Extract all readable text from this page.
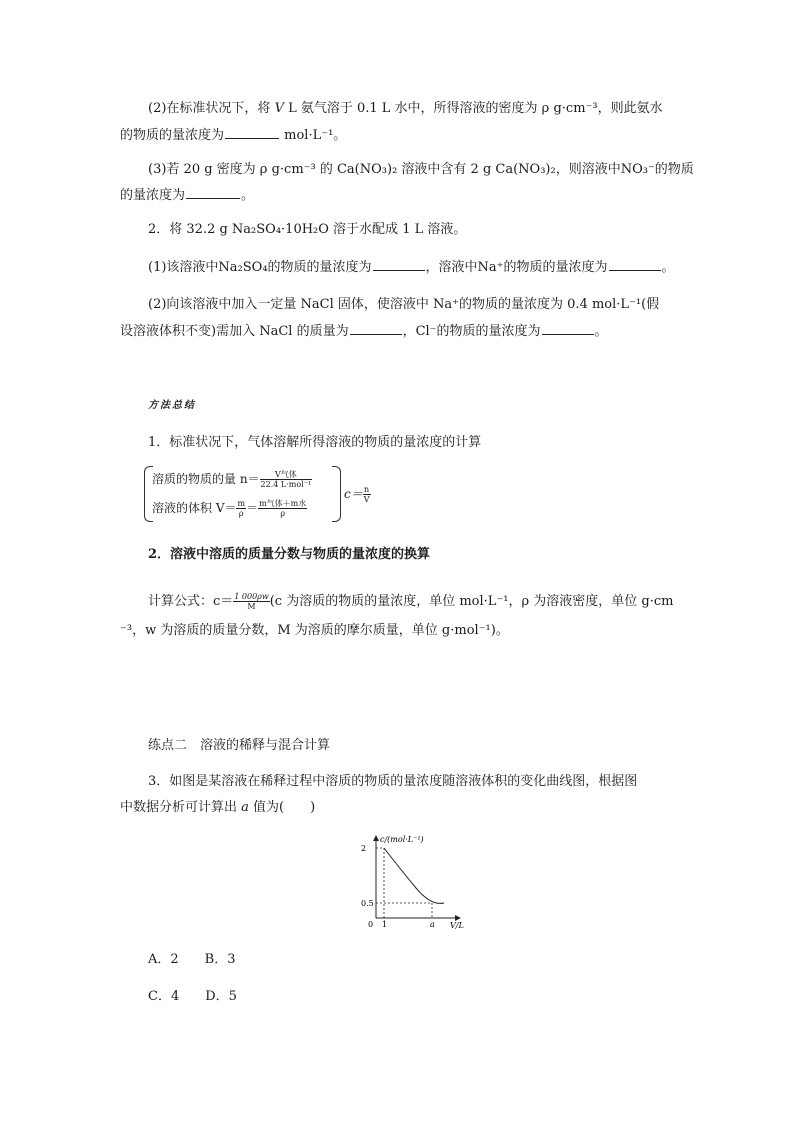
(2)在标准状况下，将 V L 氨气溶于 0.1 L 水中，所得溶液的密度为 ρ g·cm⁻³，则此氨水
的物质的量浓度为	mol·L⁻¹。
(3)若 20 g 密度为 ρ g·cm⁻³ 的 Ca(NO₃)₂ 溶液中含有 2 g Ca(NO₃)₂，则溶液中NO₃⁻的物质
的量浓度为	。
2．将 32.2 g Na₂SO₄·10H₂O 溶于水配成 1 L 溶液。
(1)该溶液中Na₂SO₄的物质的量浓度为	，溶液中Na⁺的物质的量浓度为	。
(2)向该溶液中加入一定量 NaCl 固体，使溶液中 Na⁺的物质的量浓度为 0.4 mol·L⁻¹(假
设溶液体积不变)需加入 NaCl 的质量为	，Cl⁻的物质的量浓度为	。
方法总结
1．标准状况下，气体溶解所得溶液的物质的量浓度的计算
溶质的物质的量 $n= \frac{\text{V气体}}{\text{22.4 L·mol⁻¹}}$
溶液的体积 $V= \frac{m}{\rho} = \frac{\text{m气体＋m水}}{\rho}$
$c= \frac{n}{V}$
2．溶液中溶质的质量分数与物质的量浓度的换算
计算公式：$c= \frac{1 000\rho w}{M} (c$ 为溶质的物质的量浓度，单位 mol·L⁻¹，ρ 为溶液密度，单位 g·cm
⁻³，w 为溶质的质量分数，M 为溶质的摩尔质量，单位 g·mol⁻¹)。
练点二　溶液的稀释与混合计算
3．如图是某溶液在稀释过程中溶质的物质的量浓度随溶液体积的变化曲线图，根据图
中数据分析可计算出 a 值为(　　)
c/(mol·L⁻¹)
V/L
0
2
1
0.5
a
A．2　　B．3
C．4　　D．5
